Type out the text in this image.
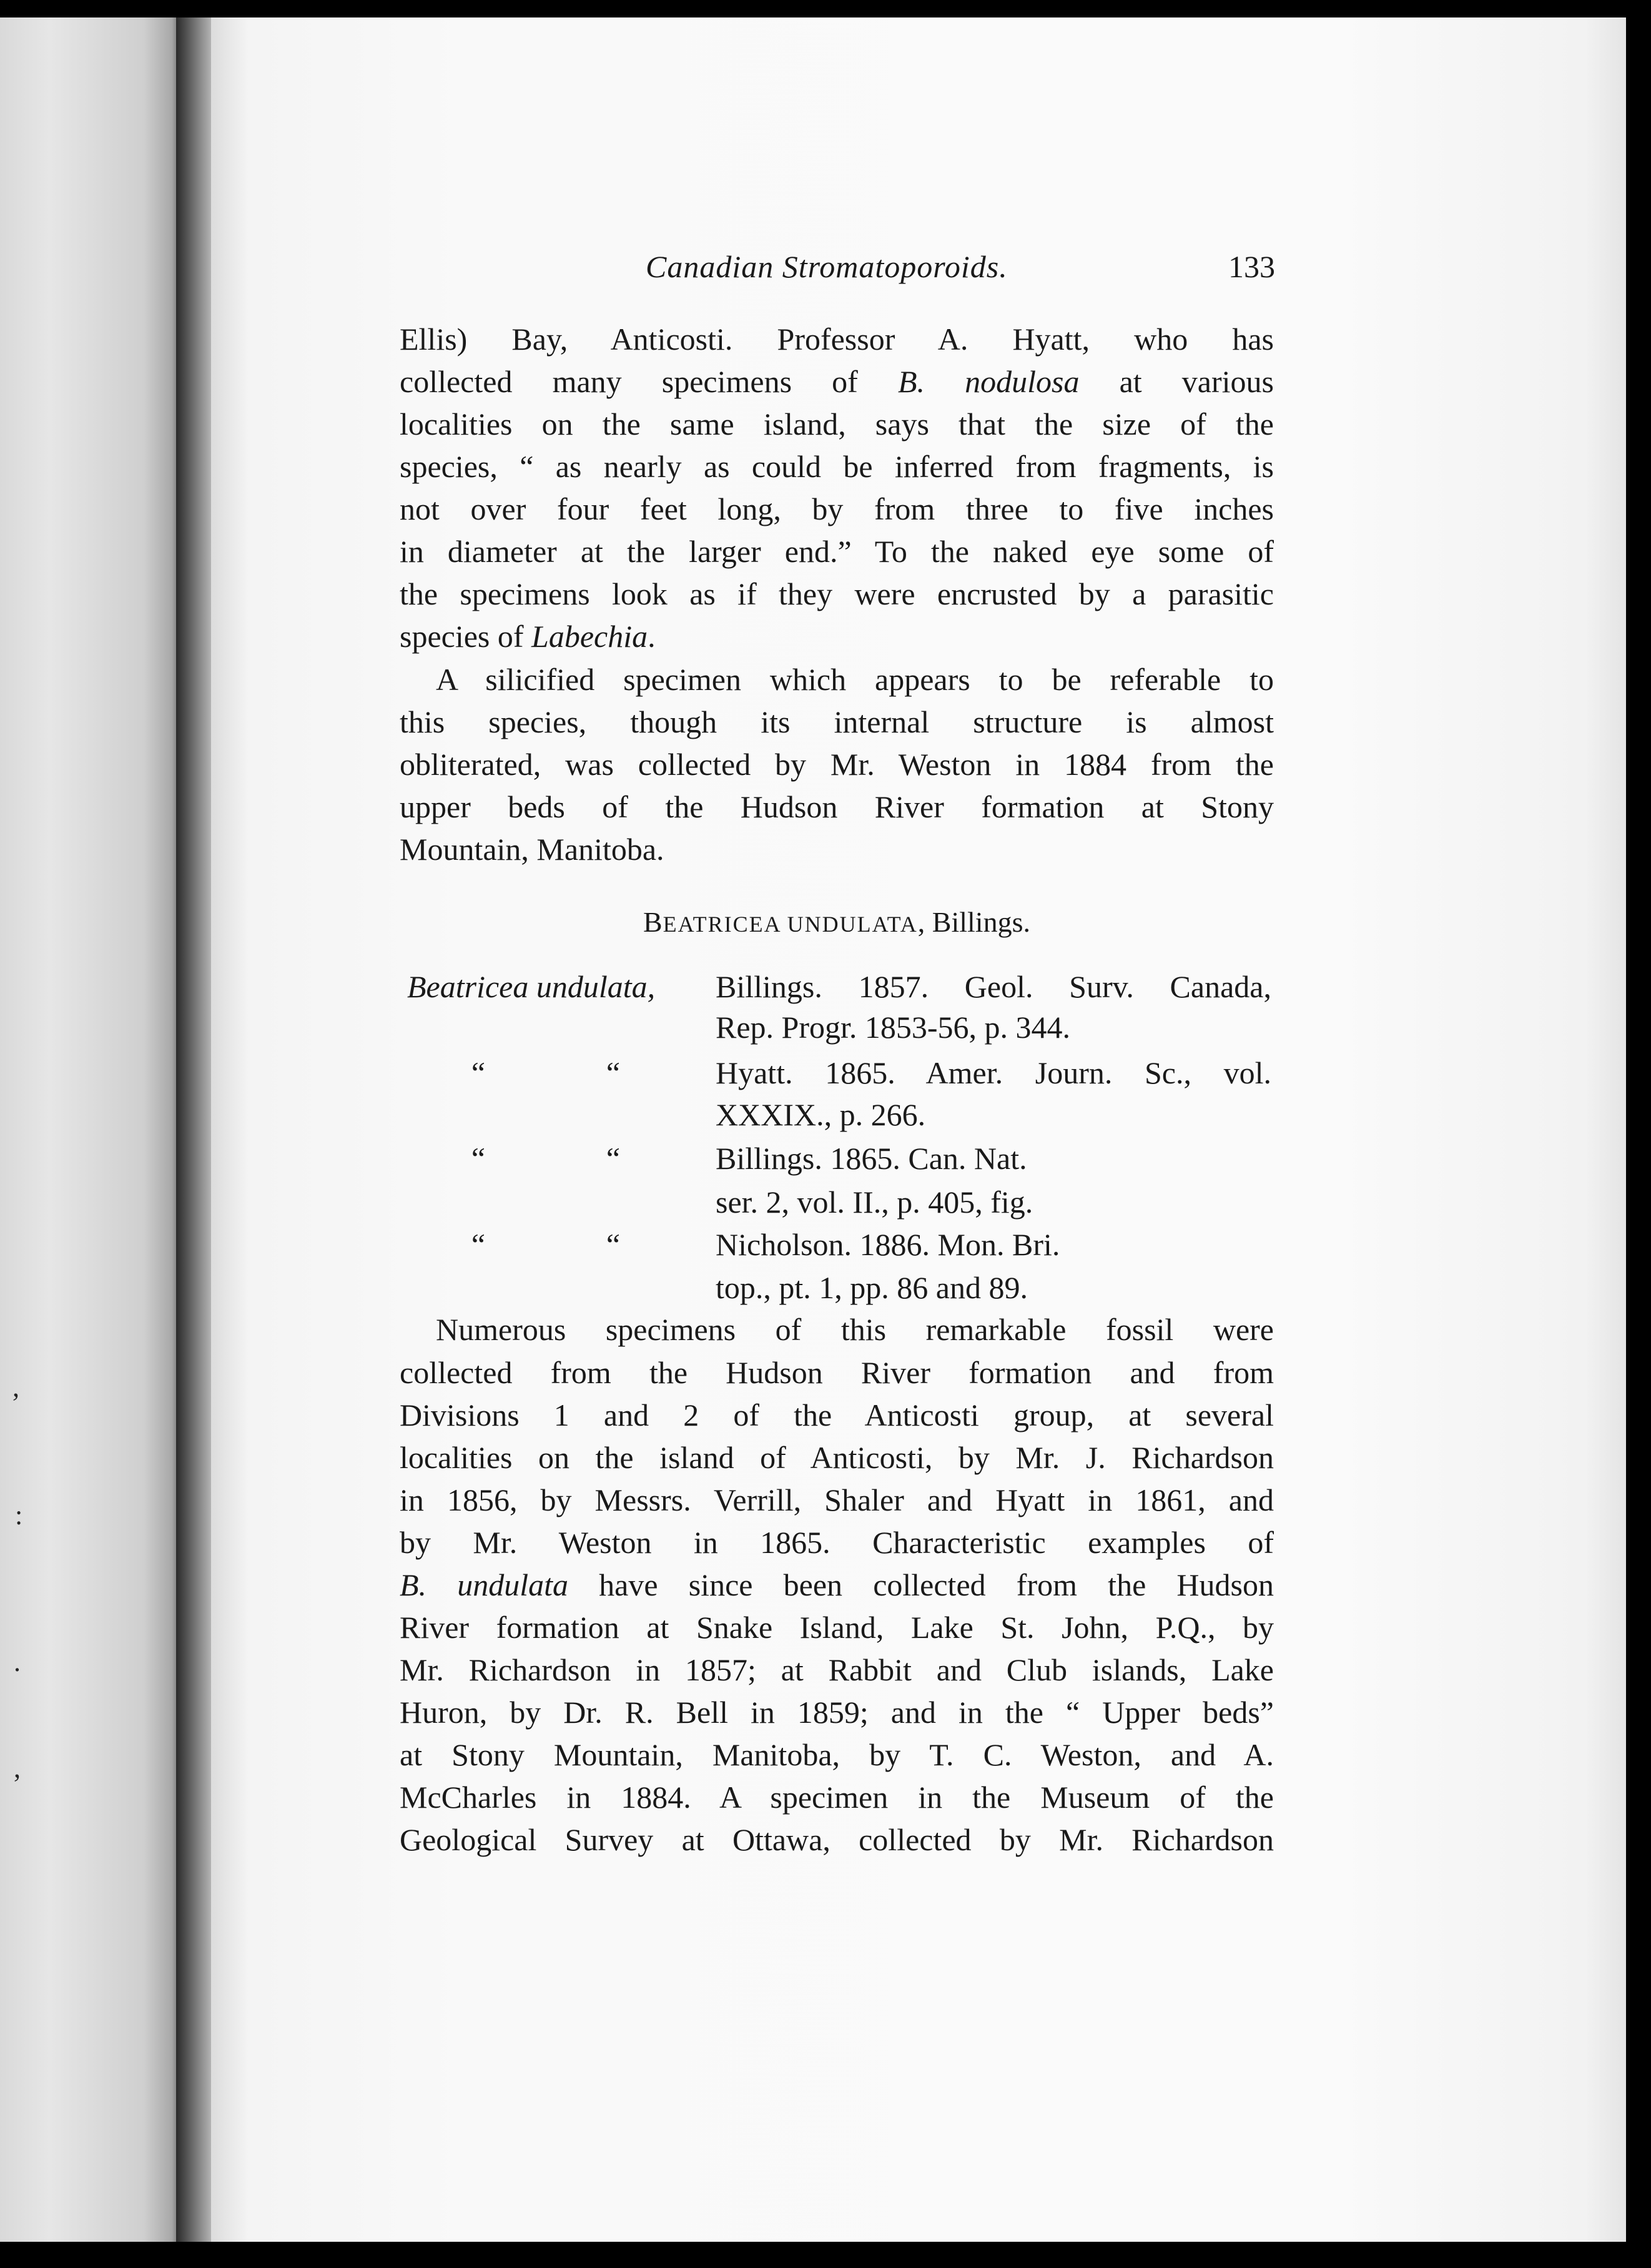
,
:
.
,
Canadian Stromatoporoids.	133
Ellis) Bay, Anticosti. Professor A. Hyatt, who has
collected many specimens of B. nodulosa at various
localities on the same island, says that the size of the
species, “ as nearly as could be inferred from fragments, is
not over four feet long, by from three to five inches
in diameter at the larger end.” To the naked eye some of
the specimens look as if they were encrusted by a parasitic
species of Labechia.
A silicified specimen which appears to be referable to
this species, though its internal structure is almost
obliterated, was collected by Mr. Weston in 1884 from the
upper beds of the Hudson River formation at Stony
Mountain, Manitoba.
BEATRICEA UNDULATA, Billings.
Beatricea undulata,	Billings. 1857. Geol. Surv. Canada,
Rep. Progr. 1853-56, p. 344.
“	“	Hyatt. 1865. Amer. Journ. Sc., vol.
XXXIX., p. 266.
“	“	Billings. 1865. Can. Nat.
ser. 2, vol. II., p. 405, fig.
“	“	Nicholson. 1886. Mon. Bri.
top., pt. 1, pp. 86 and 89.
Numerous specimens of this remarkable fossil were
collected from the Hudson River formation and from
Divisions 1 and 2 of the Anticosti group, at several
localities on the island of Anticosti, by Mr. J. Richardson
in 1856, by Messrs. Verrill, Shaler and Hyatt in 1861, and
by Mr. Weston in 1865. Characteristic examples of
B. undulata have since been collected from the Hudson
River formation at Snake Island, Lake St. John, P.Q., by
Mr. Richardson in 1857; at Rabbit and Club islands, Lake
Huron, by Dr. R. Bell in 1859; and in the “ Upper beds”
at Stony Mountain, Manitoba, by T. C. Weston, and A.
McCharles in 1884. A specimen in the Museum of the
Geological Survey at Ottawa, collected by Mr. Richardson
